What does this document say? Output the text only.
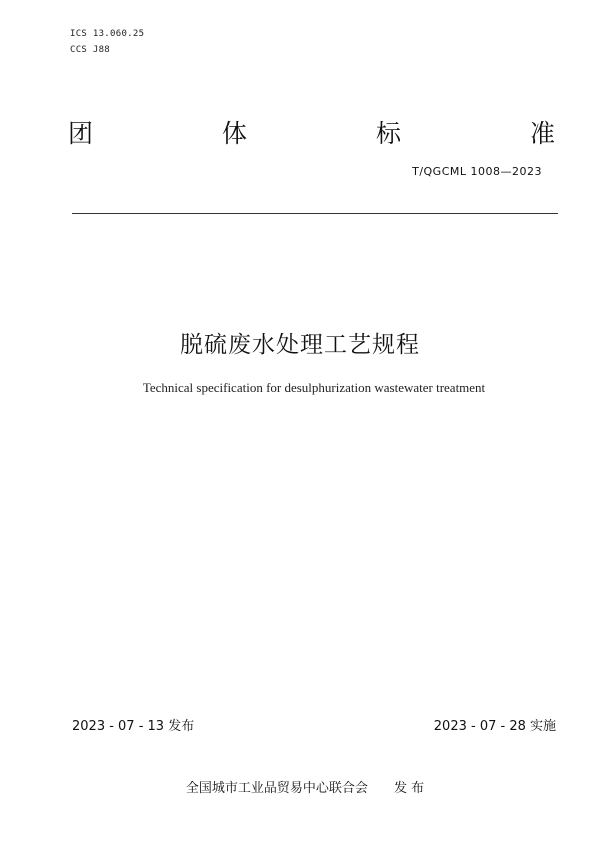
ICS 13.060.25
CCS J88
团	体	标	准
T/QGCML 1008—2023
脱硫废水处理工艺规程
Technical specification for desulphurization wastewater treatment
2023 - 07 - 13 发布	2023 - 07 - 28 实施
全国城市工业品贸易中心联合会 发 布
